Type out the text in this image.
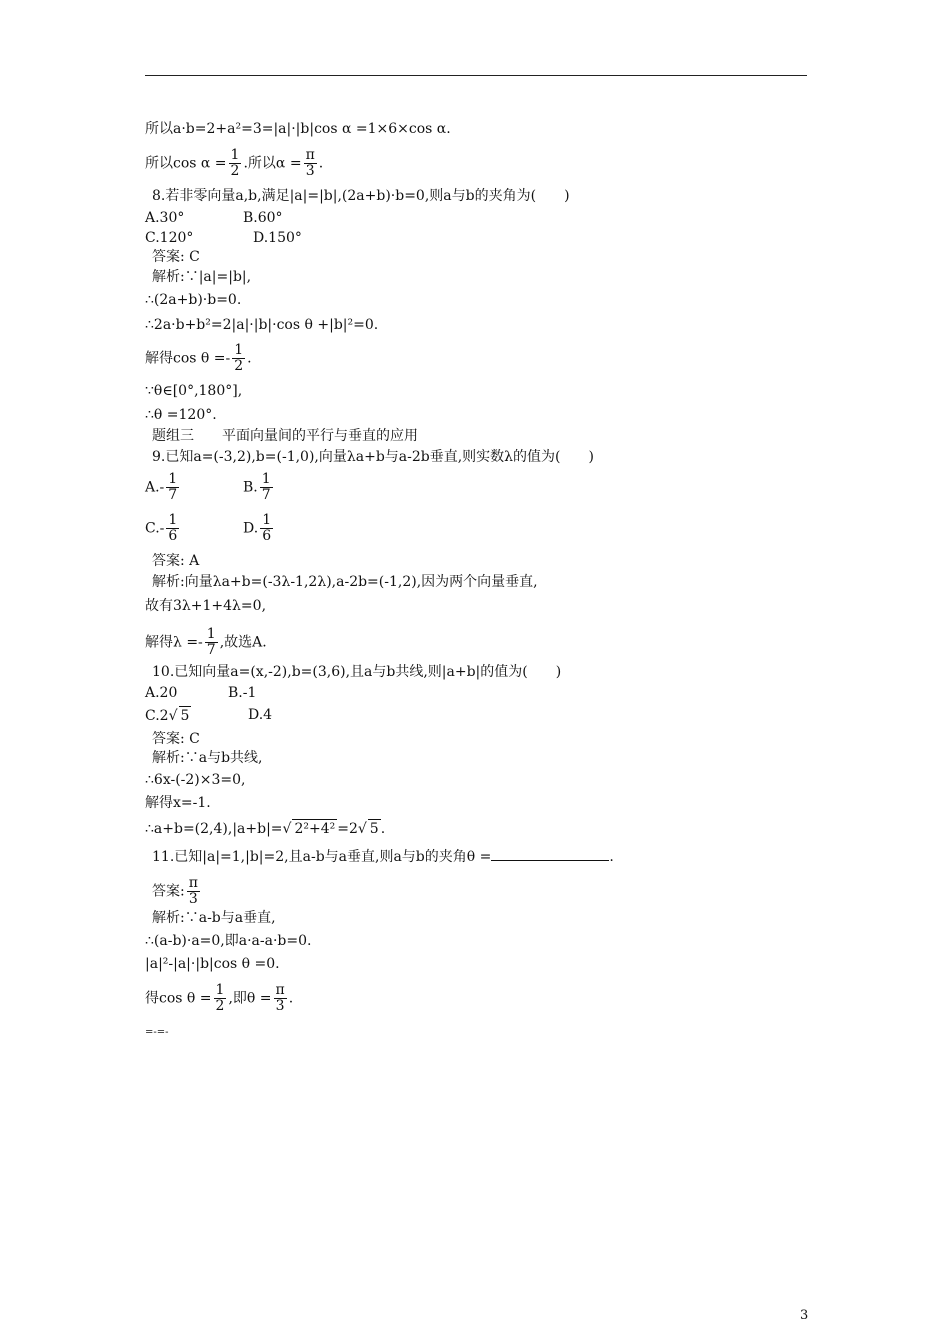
所以a·b=2+a²=3=|a|·|b|cos α =1×6×cos α.
所以$\cos \alpha = \frac{1}{2}$ .所以$\alpha = \frac{\pi}{3}$ .
8.若非零向量a,b,满足|a|=|b|,(2a+b)·b=0,则a与b的夹角为(　　)
A.30°	B.60°
C.120°	D.150°
答案: C
解析:∵|a|=|b|,
∴(2a+b)·b=0.
∴2a·b+b²=2|a|·|b|·cos θ +|b|²=0.
解得$\cos \theta =- \frac{1}{2}$ .
∵θ∈[0°,180°],
∴θ =120°.
题组三　　平面向量间的平行与垂直的应用
9.已知a=(-3,2),b=(-1,0),向量λa+b与a-2b垂直,则实数λ的值为(　　)
$A.- \frac{1}{7}$	B. $\frac{1}{7}$
$C.- \frac{1}{6}$	D. $\frac{1}{6}$
答案: A
解析:向量λa+b=(-3λ-1,2λ),a-2b=(-1,2),因为两个向量垂直,
故有3λ+1+4λ=0,
解得$\lambda =- \frac{1}{7}$ ,故选A.
10.已知向量a=(x,-2),b=(3,6),且a与b共线,则|a+b|的值为(　　)
A.20	B.-1
C.2√ 5	D.4
答案: C
解析:∵a与b共线,
∴6x-(-2)×3=0,
解得x=-1.
∴a+b=(2,4),|a+b|=√ 2²+4² =2√ 5 .
11.已知|a|=1,|b|=2,且a-b与a垂直,则a与b的夹角θ =	.
答案: $\frac{\pi}{3}$
解析:∵a-b与a垂直,
∴(a-b)·a=0,即a·a-a·b=0.
|a|²-|a|·|b|cos θ =0.
得$\cos \theta = \frac{1}{2}$ ,即$\theta = \frac{\pi}{3}$ .
=-=-
3
